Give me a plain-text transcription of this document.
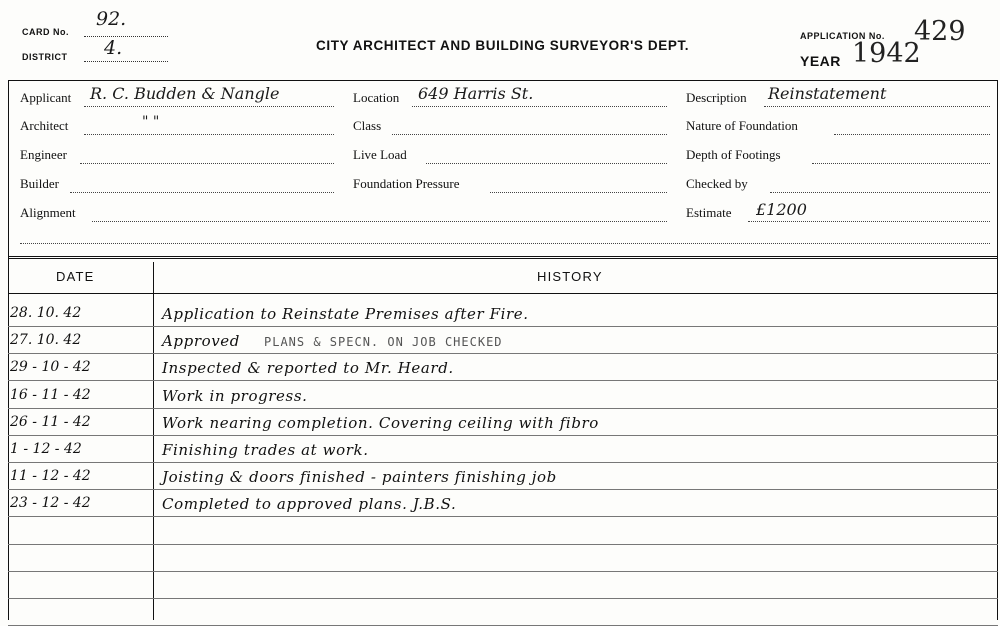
CARD No.
92.
DISTRICT 4.	CITY ARCHITECT AND BUILDING SURVEYOR'S DEPT.
APPLICATION No. 429
YEAR 1942
Applicant R. C. Budden & Nangle
Architect	" "
Engineer
Builder
Alignment
Location 649 Harris St.
Class
Live Load
Foundation Pressure
Description Reinstatement
Nature of Foundation
Depth of Footings
Checked by
Estimate £1200
DATE	HISTORY
28. 10. 42	Application to Reinstate Premises after Fire.
27. 10. 42	Approved PLANS & SPECN. ON JOB CHECKED
29 - 10 - 42	Inspected & reported to Mr. Heard.
16 - 11 - 42	Work in progress.
26 - 11 - 42	Work nearing completion. Covering ceiling with fibro
1 - 12 - 42	Finishing trades at work.
11 - 12 - 42	Joisting & doors finished - painters finishing job
23 - 12 - 42	Completed to approved plans. J.B.S.
